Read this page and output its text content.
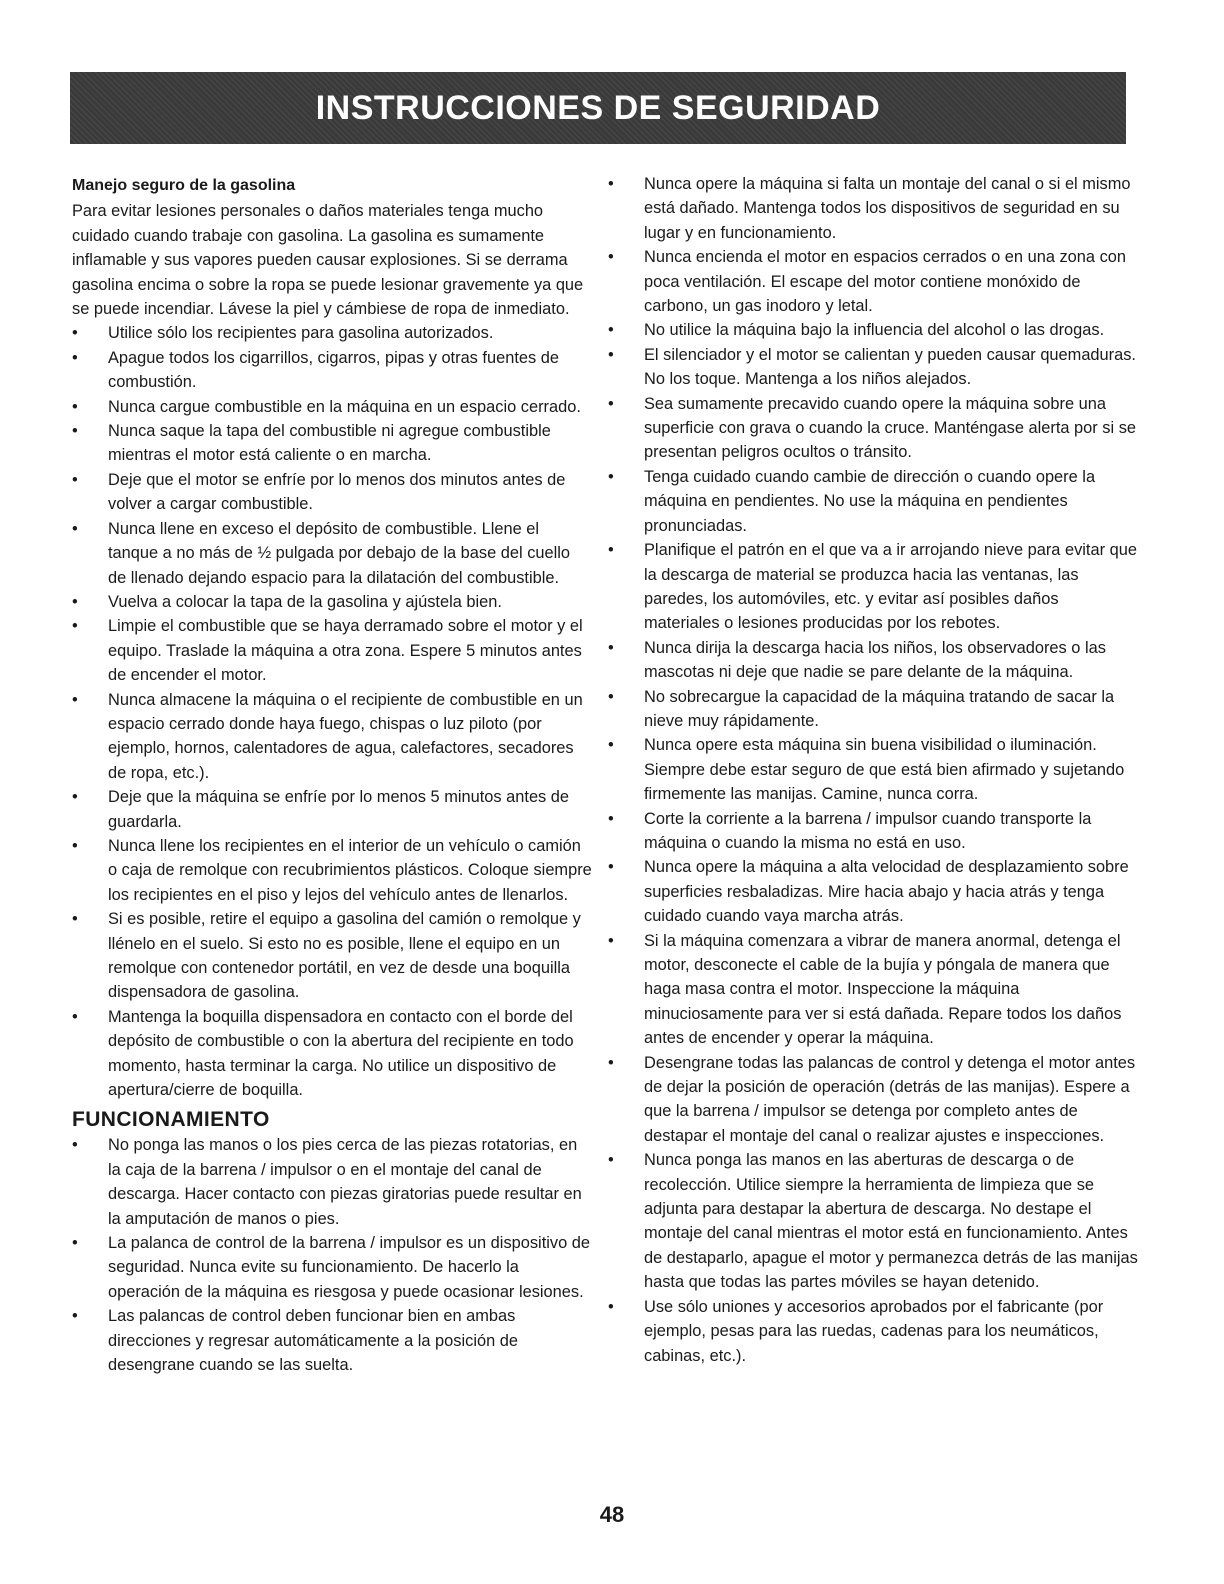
INSTRUCCIONES DE SEGURIDAD
Manejo seguro de la gasolina

Para evitar lesiones personales o daños materiales tenga mucho cuidado cuando trabaje con gasolina. La gasolina es sumamente inflamable y sus vapores pueden causar explosiones. Si se derrama gasolina encima o sobre la ropa se puede lesionar gravemente ya que se puede incendiar. Lávese la piel y cámbiese de ropa de inmediato.

• Utilice sólo los recipientes para gasolina autorizados.
• Apague todos los cigarrillos, cigarros, pipas y otras fuentes de combustión.
• Nunca cargue combustible en la máquina en un espacio cerrado.
• Nunca saque la tapa del combustible ni agregue combustible mientras el motor está caliente o en marcha.
• Deje que el motor se enfríe por lo menos dos minutos antes de volver a cargar combustible.
• Nunca llene en exceso el depósito de combustible. Llene el tanque a no más de ½ pulgada por debajo de la base del cuello de llenado dejando espacio para la dilatación del combustible.
• Vuelva a colocar la tapa de la gasolina y ajústela bien.
• Limpie el combustible que se haya derramado sobre el motor y el equipo. Traslade la máquina a otra zona. Espere 5 minutos antes de encender el motor.
• Nunca almacene la máquina o el recipiente de combustible en un espacio cerrado donde haya fuego, chispas o luz piloto (por ejemplo, hornos, calentadores de agua, calefactores, secadores de ropa, etc.).
• Deje que la máquina se enfríe por lo menos 5 minutos antes de guardarla.
• Nunca llene los recipientes en el interior de un vehículo o camión o caja de remolque con recubrimientos plásticos. Coloque siempre los recipientes en el piso y lejos del vehículo antes de llenarlos.
• Si es posible, retire el equipo a gasolina del camión o remolque y llénelo en el suelo. Si esto no es posible, llene el equipo en un remolque con contenedor portátil, en vez de desde una boquilla dispensadora de gasolina.
• Mantenga la boquilla dispensadora en contacto con el borde del depósito de combustible o con la abertura del recipiente en todo momento, hasta terminar la carga. No utilice un dispositivo de apertura/cierre de boquilla.
FUNCIONAMIENTO
• No ponga las manos o los pies cerca de las piezas rotatorias, en la caja de la barrena / impulsor o en el montaje del canal de descarga. Hacer contacto con piezas giratorias puede resultar en la amputación de manos o pies.
• La palanca de control de la barrena / impulsor es un dispositivo de seguridad. Nunca evite su funcionamiento. De hacerlo la operación de la máquina es riesgosa y puede ocasionar lesiones.
• Las palancas de control deben funcionar bien en ambas direcciones y regresar automáticamente a la posición de desengrane cuando se las suelta.
• Nunca opere la máquina si falta un montaje del canal o si el mismo está dañado. Mantenga todos los dispositivos de seguridad en su lugar y en funcionamiento.
• Nunca encienda el motor en espacios cerrados o en una zona con poca ventilación. El escape del motor contiene monóxido de carbono, un gas inodoro y letal.
• No utilice la máquina bajo la influencia del alcohol o las drogas.
• El silenciador y el motor se calientan y pueden causar quemaduras. No los toque. Mantenga a los niños alejados.
• Sea sumamente precavido cuando opere la máquina sobre una superficie con grava o cuando la cruce. Manténgase alerta por si se presentan peligros ocultos o tránsito.
• Tenga cuidado cuando cambie de dirección o cuando opere la máquina en pendientes. No use la máquina en pendientes pronunciadas.
• Planifique el patrón en el que va a ir arrojando nieve para evitar que la descarga de material se produzca hacia las ventanas, las paredes, los automóviles, etc. y evitar así posibles daños materiales o lesiones producidas por los rebotes.
• Nunca dirija la descarga hacia los niños, los observadores o las mascotas ni deje que nadie se pare delante de la máquina.
• No sobrecargue la capacidad de la máquina tratando de sacar la nieve muy rápidamente.
• Nunca opere esta máquina sin buena visibilidad o iluminación. Siempre debe estar seguro de que está bien afirmado y sujetando firmemente las manijas. Camine, nunca corra.
• Corte la corriente a la barrena / impulsor cuando transporte la máquina o cuando la misma no está en uso.
• Nunca opere la máquina a alta velocidad de desplazamiento sobre superficies resbaladizas. Mire hacia abajo y hacia atrás y tenga cuidado cuando vaya marcha atrás.
• Si la máquina comenzara a vibrar de manera anormal, detenga el motor, desconecte el cable de la bujía y póngala de manera que haga masa contra el motor. Inspeccione la máquina minuciosamente para ver si está dañada. Repare todos los daños antes de encender y operar la máquina.
• Desengrane todas las palancas de control y detenga el motor antes de dejar la posición de operación (detrás de las manijas). Espere a que la barrena / impulsor se detenga por completo antes de destapar el montaje del canal o realizar ajustes e inspecciones.
• Nunca ponga las manos en las aberturas de descarga o de recolección. Utilice siempre la herramienta de limpieza que se adjunta para destapar la abertura de descarga. No destape el montaje del canal mientras el motor está en funcionamiento. Antes de destaparlo, apague el motor y permanezca detrás de las manijas hasta que todas las partes móviles se hayan detenido.
• Use sólo uniones y accesorios aprobados por el fabricante (por ejemplo, pesas para las ruedas, cadenas para los neumáticos, cabinas, etc.).
48
